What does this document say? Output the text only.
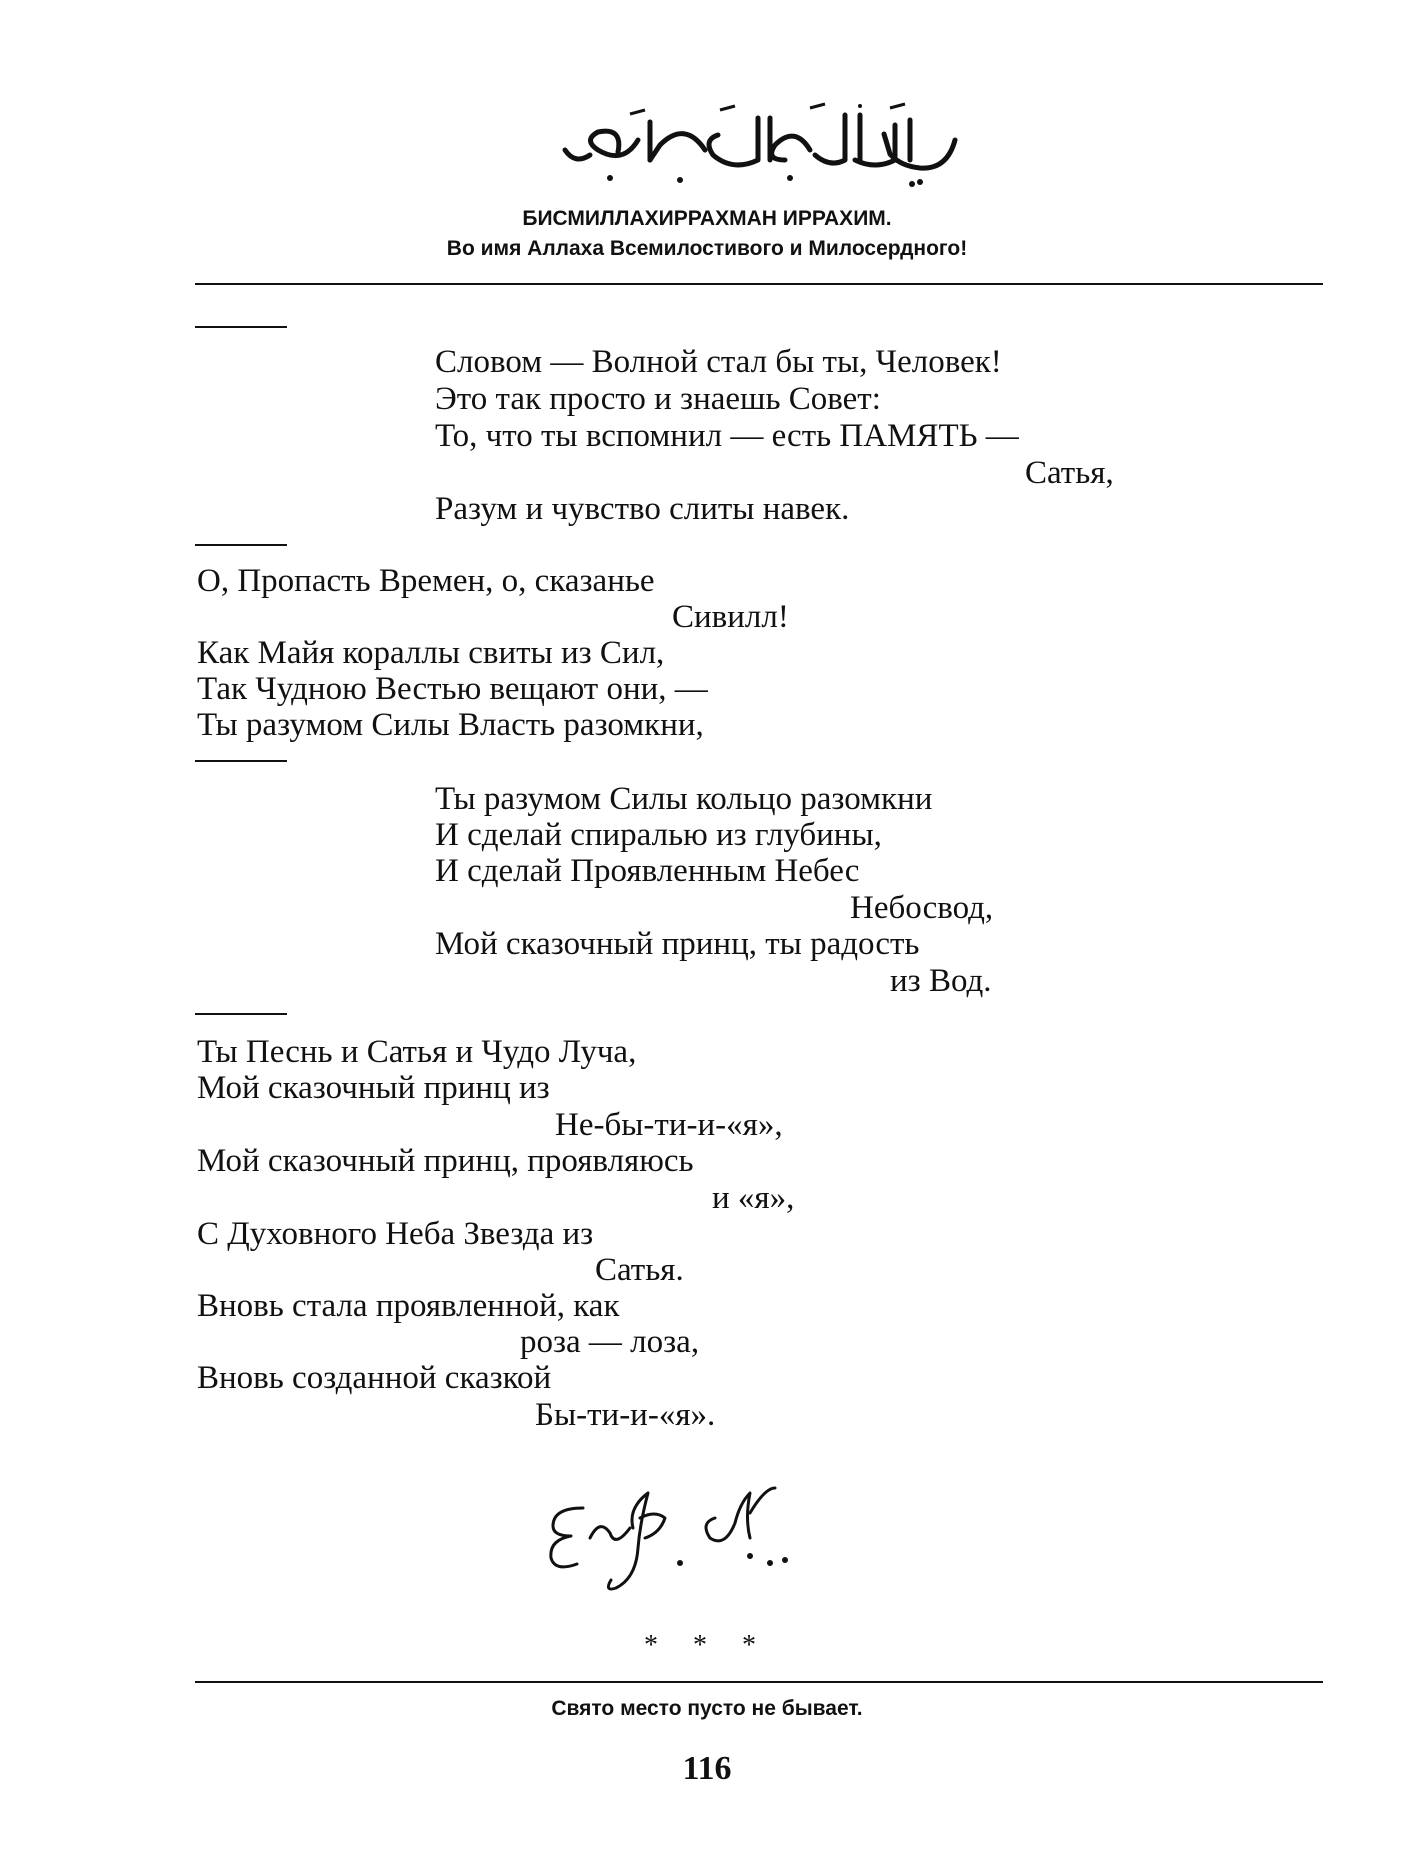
БИСМИЛЛАХИРРАХМАН ИРРАХИМ.
Во имя Аллаха Всемилостивого и Милосердного!
Словом — Волной стал бы ты, Человек!
Это так просто и знаешь Совет:
То, что ты вспомнил — есть ПАМЯТЬ —
Сатья,
Разум и чувство слиты навек.
О, Пропасть Времен, о, сказанье
Сивилл!
Как Майя кораллы свиты из Сил,
Так Чудною Вестью вещают они, —
Ты разумом Силы Власть разомкни,
Ты разумом Силы кольцо разомкни
И сделай спиралью из глубины,
И сделай Проявленным Небес
Небосвод,
Мой сказочный принц, ты радость
из Вод.
Ты Песнь и Сатья и Чудо Луча,
Мой сказочный принц из
Не-бы-ти-и-«я»,
Мой сказочный принц, проявляюсь
и «я»,
С Духовного Неба Звезда из
Сатья.
Вновь стала проявленной, как
роза — лоза,
Вновь созданной сказкой
Бы-ти-и-«я».
* * *
Свято место пусто не бывает.
116
